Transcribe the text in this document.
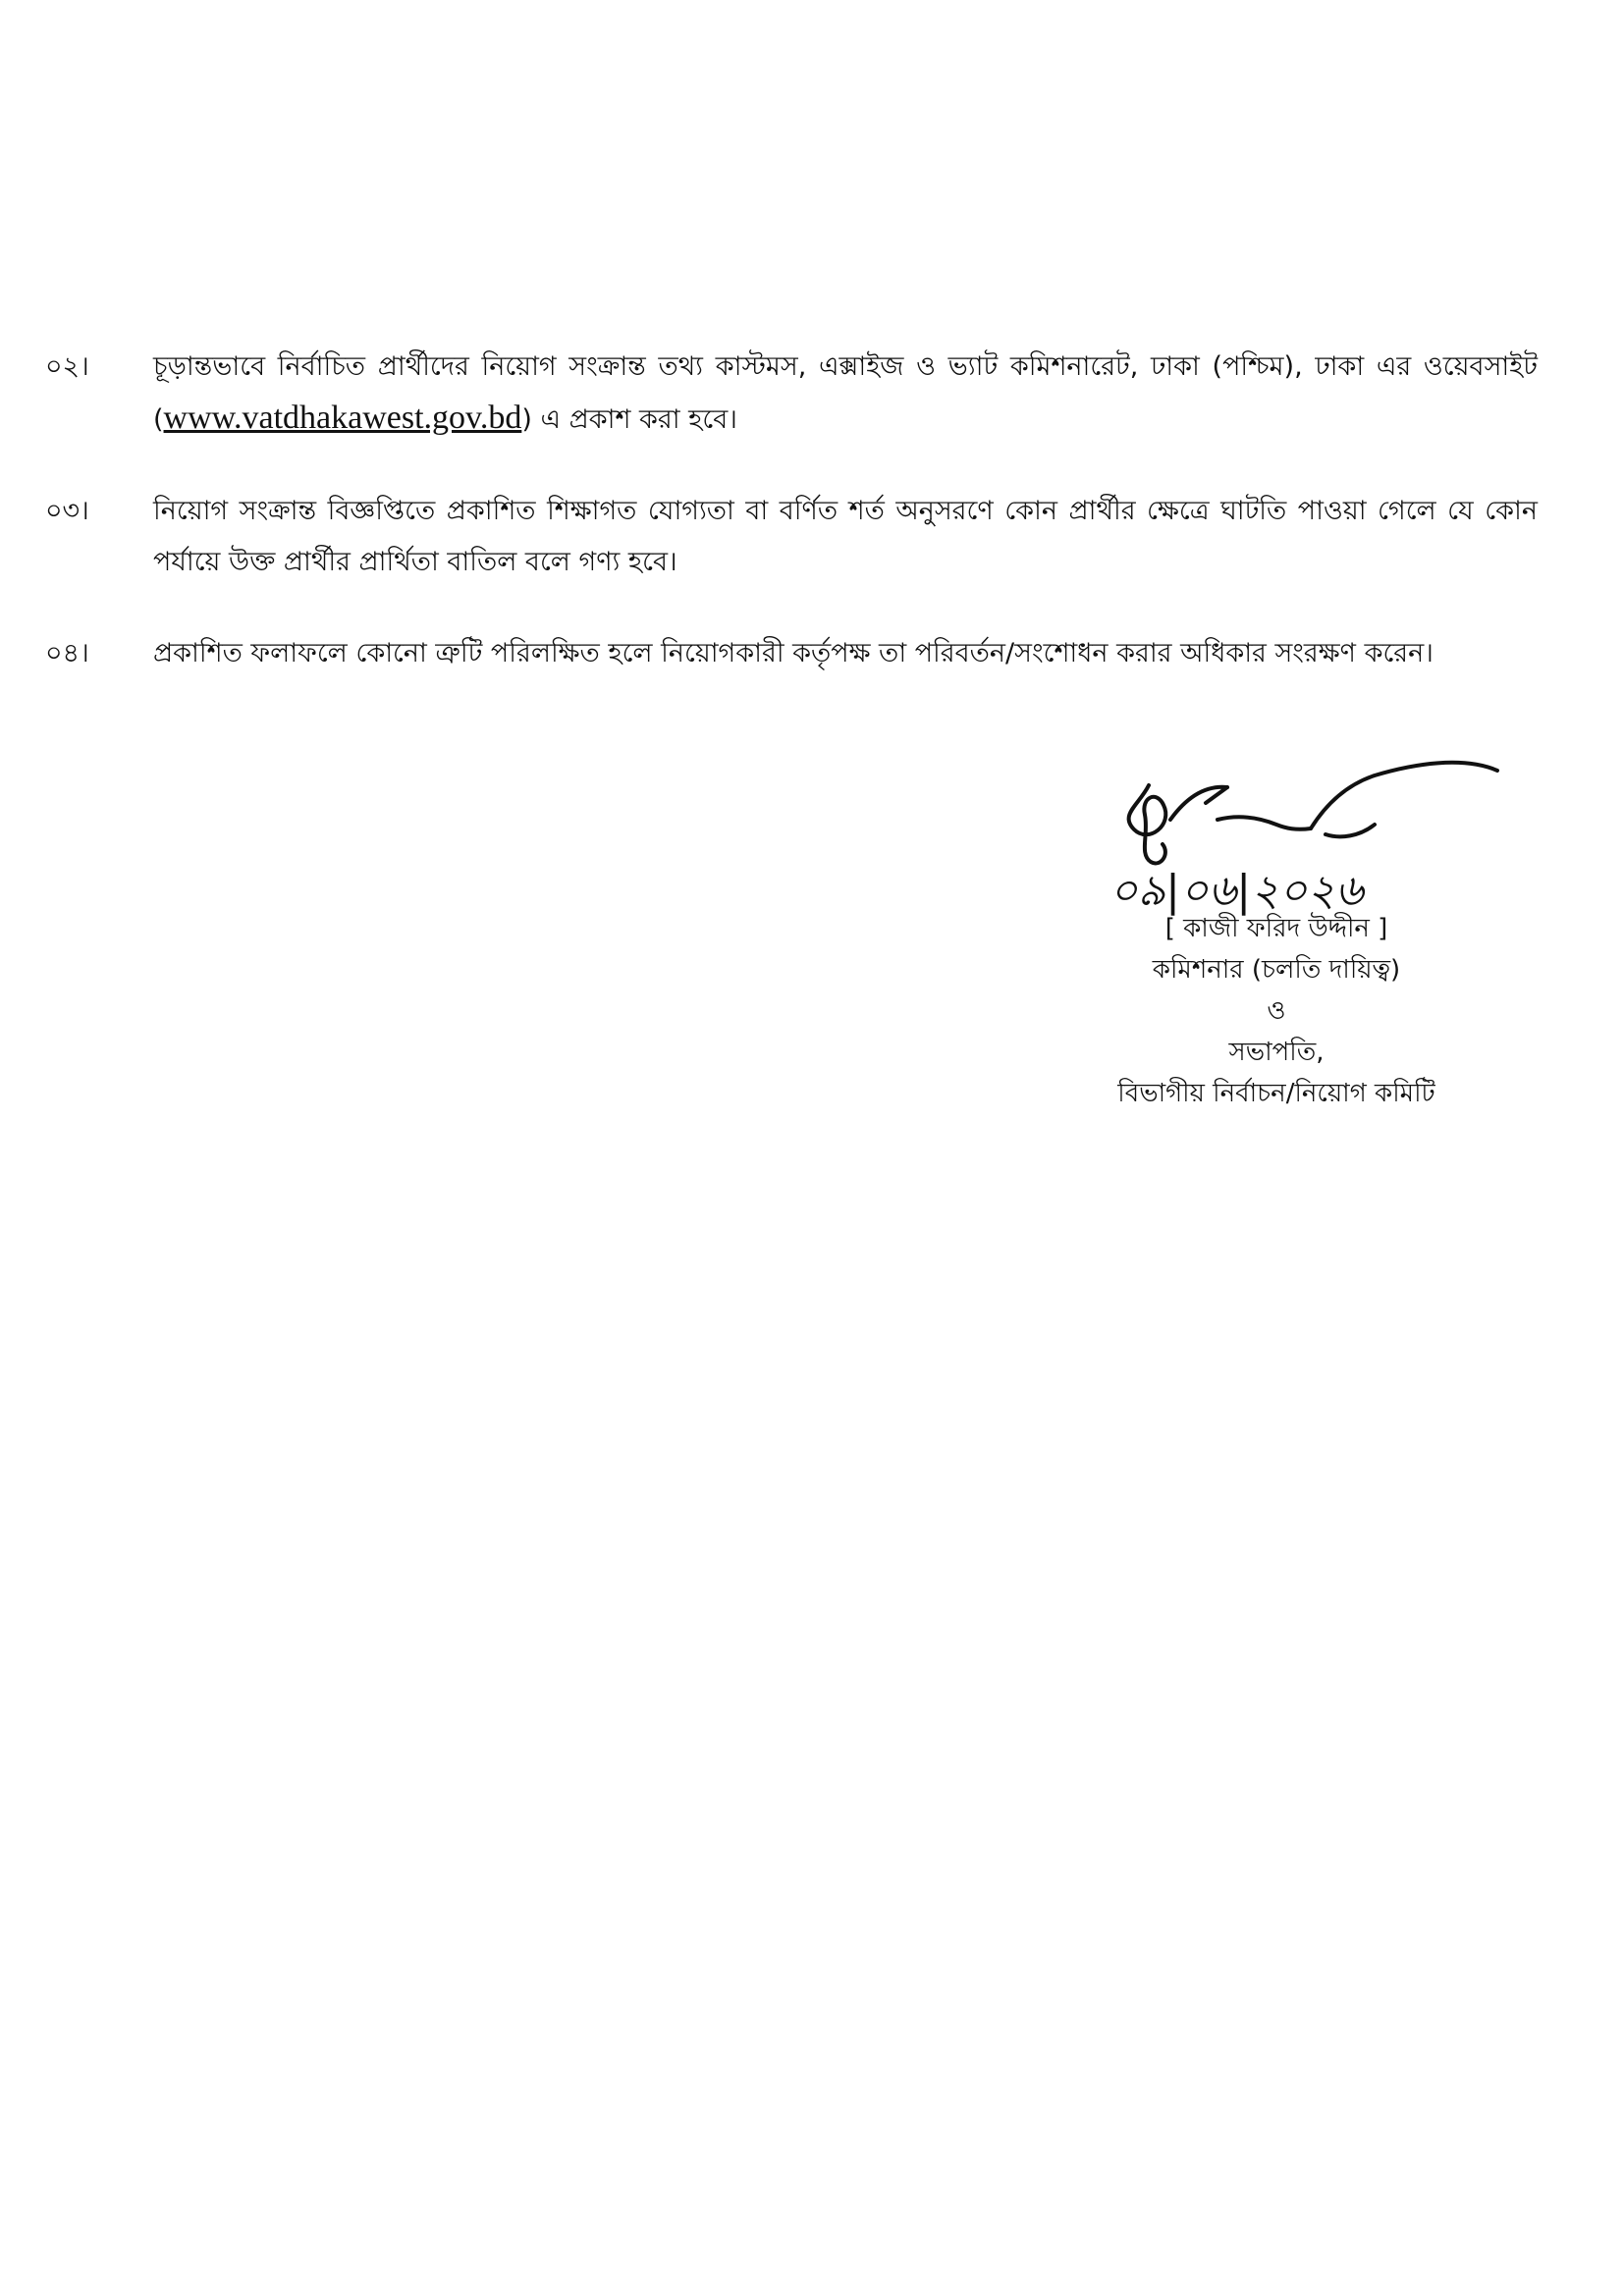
০২।	চূড়ান্তভাবে নির্বাচিত প্রার্থীদের নিয়োগ সংক্রান্ত তথ্য কাস্টমস, এক্সাইজ ও ভ্যাট কমিশনারেট, ঢাকা (পশ্চিম), ঢাকা এর ওয়েবসাইট (www.vatdhakawest.gov.bd) এ প্রকাশ করা হবে।
০৩।	নিয়োগ সংক্রান্ত বিজ্ঞপ্তিতে প্রকাশিত শিক্ষাগত যোগ্যতা বা বর্ণিত শর্ত অনুসরণে কোন প্রার্থীর ক্ষেত্রে ঘাটতি পাওয়া গেলে যে কোন পর্যায়ে উক্ত প্রার্থীর প্রার্থিতা বাতিল বলে গণ্য হবে।
০৪।	প্রকাশিত ফলাফলে কোনো ত্রুটি পরিলক্ষিত হলে নিয়োগকারী কর্তৃপক্ষ তা পরিবর্তন/সংশোধন করার অধিকার সংরক্ষণ করেন।
০৯|০৬|২০২৬
[ কাজী ফরিদ উদ্দীন ]
কমিশনার (চলতি দায়িত্ব)
ও
সভাপতি,
বিভাগীয় নির্বাচন/নিয়োগ কমিটি
